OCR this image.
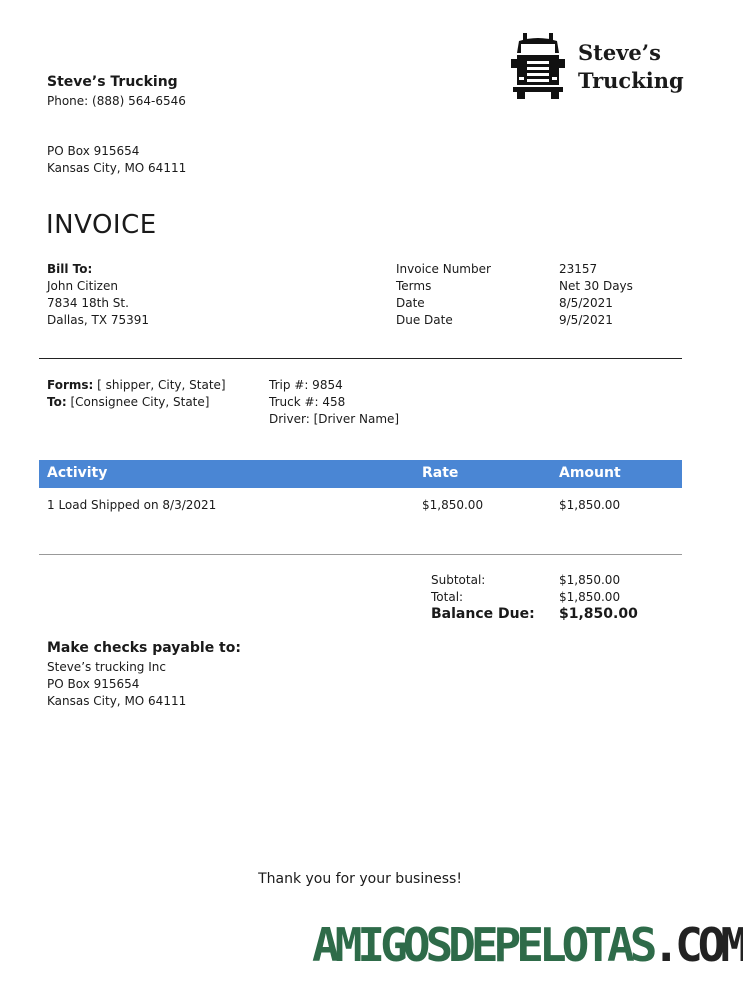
Steve’s Trucking
Phone: (888) 564-6546
PO Box 915654
Kansas City, MO 64111
Steve’s
Trucking
INVOICE
Bill To:
John Citizen
7834 18th St.
Dallas, TX 75391
Invoice Number	23157
Terms	Net 30 Days
Date	8/5/2021
Due Date	9/5/2021
Forms: [ shipper, City, State]
To: [Consignee City, State]
Trip #: 9854
Truck #: 458
Driver: [Driver Name]
Activity	Rate	Amount
1 Load Shipped on 8/3/2021	$1,850.00	$1,850.00
Subtotal:	$1,850.00
Total:	$1,850.00
Balance Due: $1,850.00
Make checks payable to:
Steve’s trucking Inc
PO Box 915654
Kansas City, MO 64111
Thank you for your business!
AMIGOSDEPELOTAS.COM
